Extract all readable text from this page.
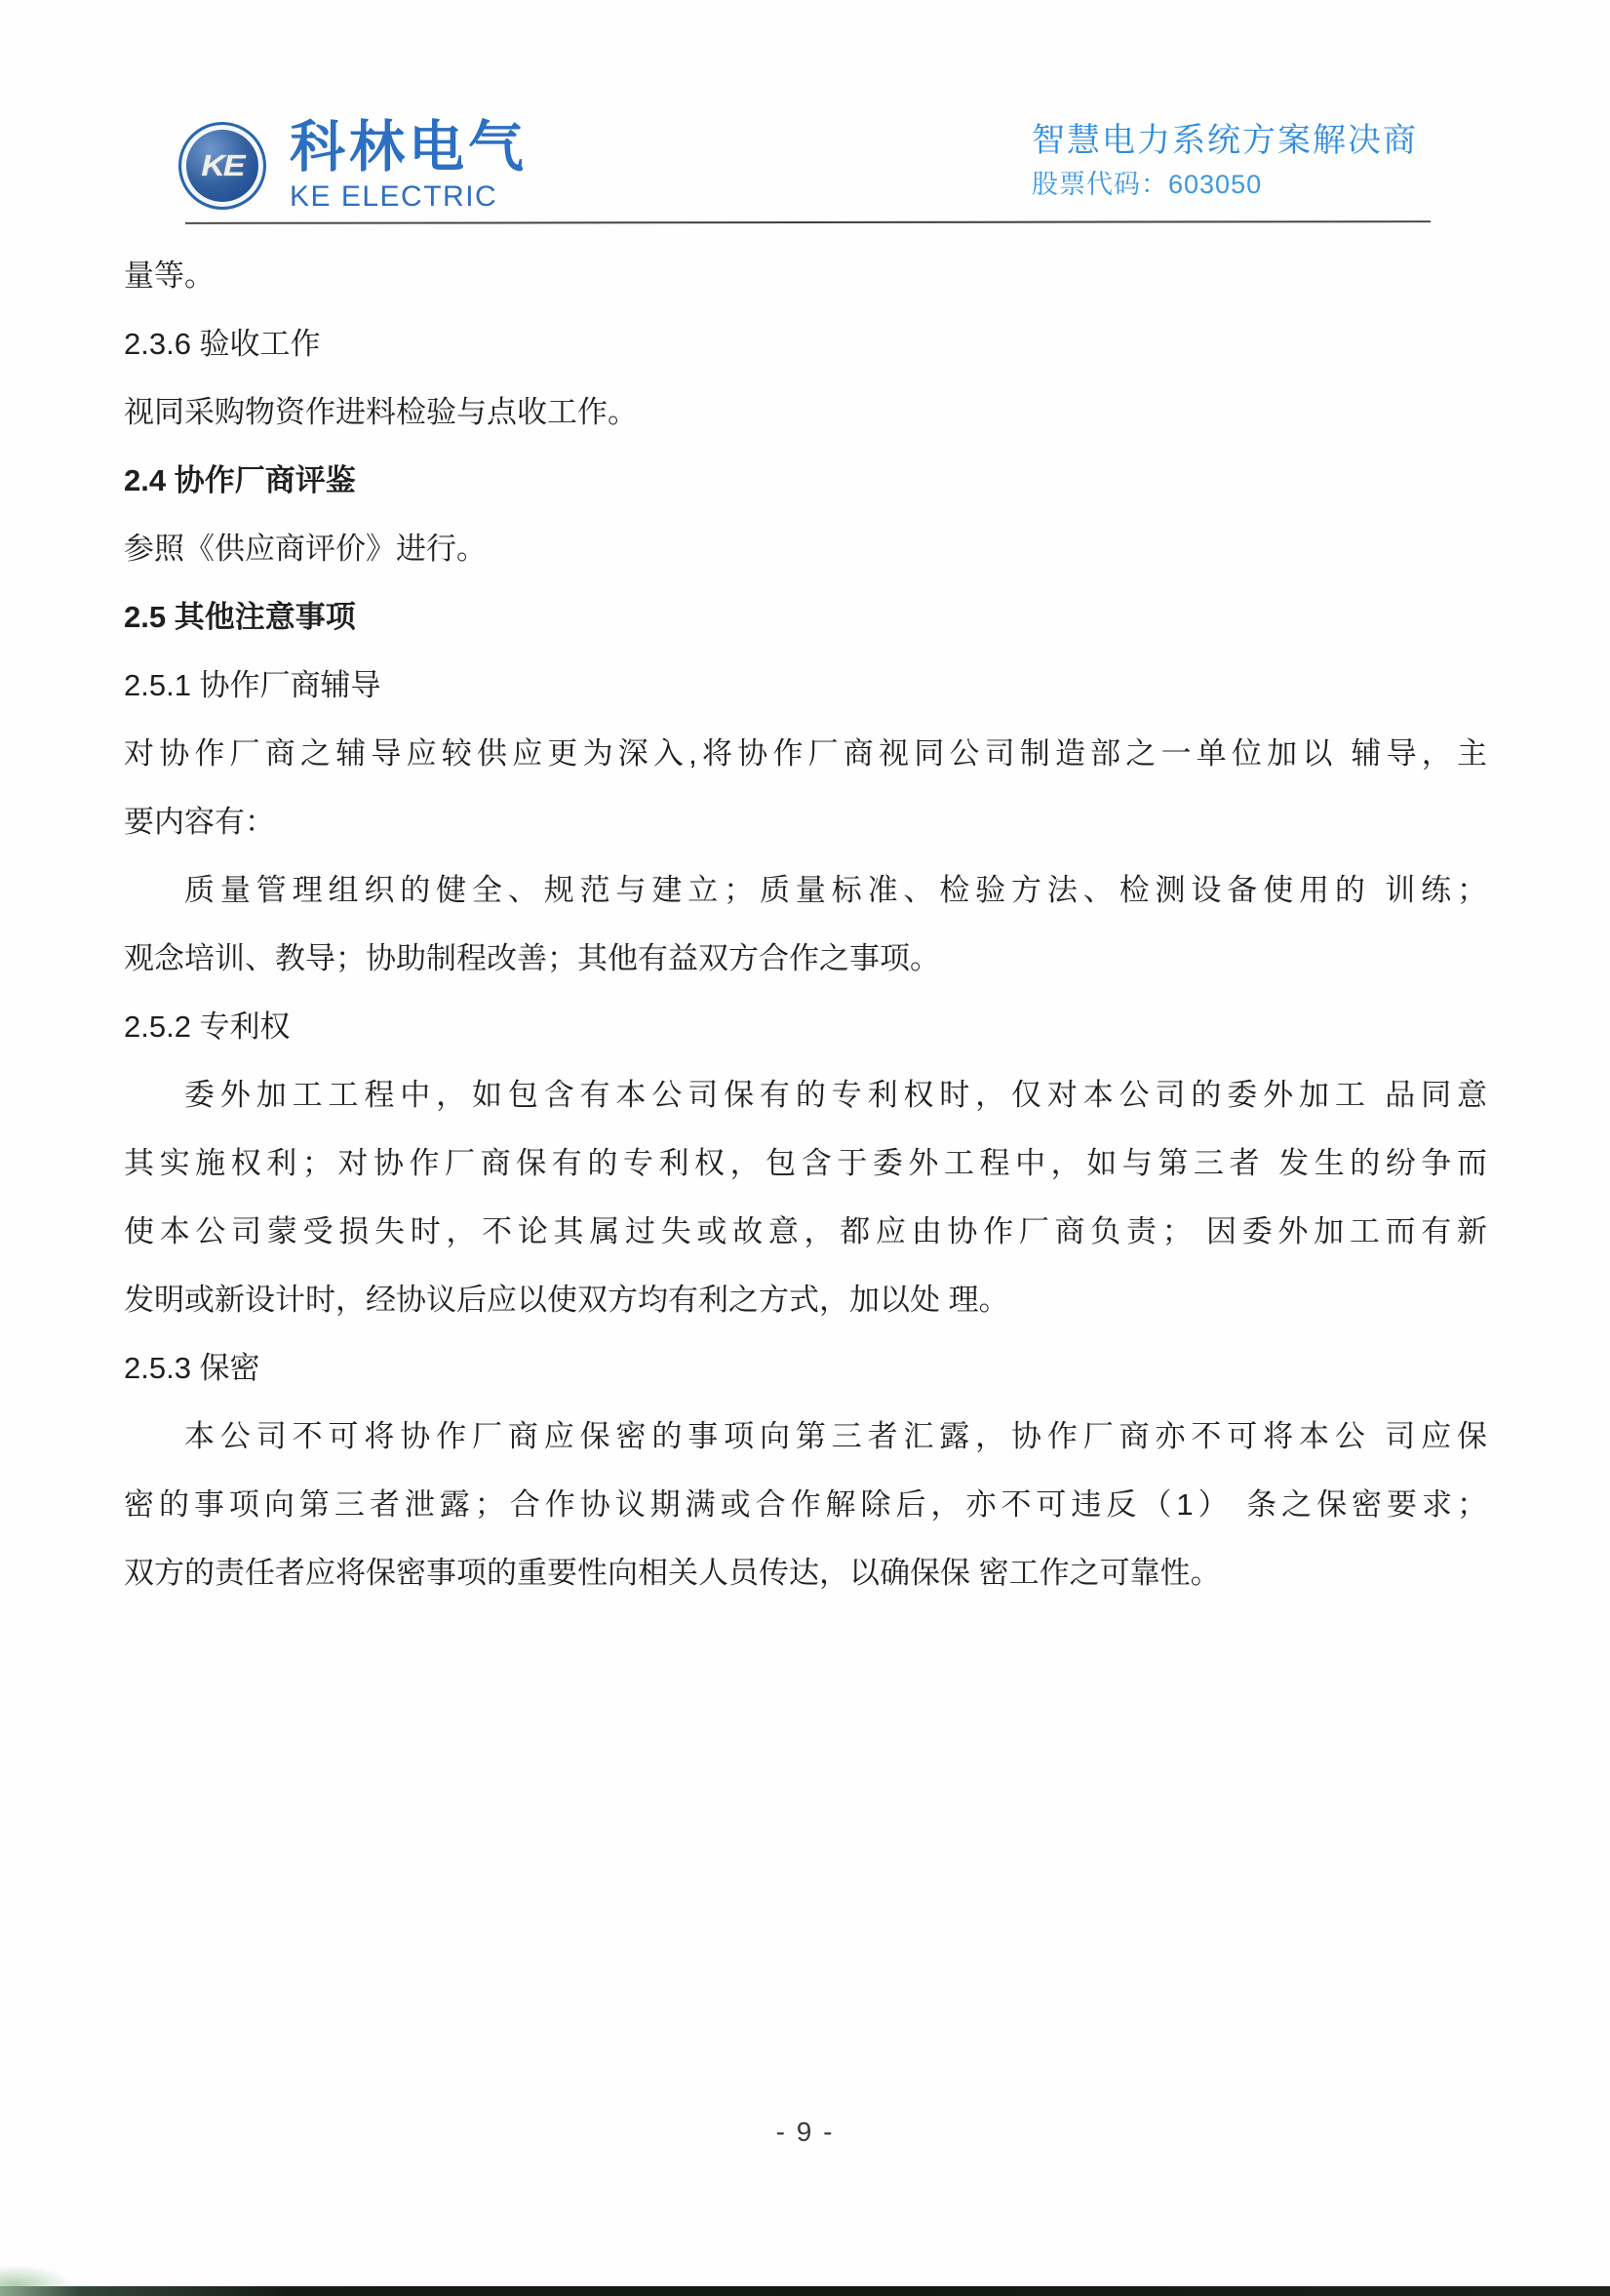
KE 科林电气
KE ELECTRIC
智慧电力系统方案解决商
股票代码：603050
量等。
2.3.6 验收工作
视同采购物资作进料检验与点收工作。
2.4 协作厂商评鉴
参照《供应商评价》进行。
2.5 其他注意事项
2.5.1 协作厂商辅导
对协作厂商之辅导应较供应更为深入,将协作厂商视同公司制造部之一单位加以 辅导，主
要内容有：
质量管理组织的健全、规范与建立；质量标准、检验方法、检测设备使用的 训练；
观念培训、教导；协助制程改善；其他有益双方合作之事项。
2.5.2 专利权
委外加工工程中，如包含有本公司保有的专利权时，仅对本公司的委外加工 品同意
其实施权利；对协作厂商保有的专利权，包含于委外工程中，如与第三者 发生的纷争而
使本公司蒙受损失时，不论其属过失或故意，都应由协作厂商负责； 因委外加工而有新
发明或新设计时，经协议后应以使双方均有利之方式，加以处 理。
2.5.3 保密
本公司不可将协作厂商应保密的事项向第三者汇露，协作厂商亦不可将本公 司应保
密的事项向第三者泄露；合作协议期满或合作解除后，亦不可违反（1） 条之保密要求；
双方的责任者应将保密事项的重要性向相关人员传达，以确保保 密工作之可靠性。
- 9 -
